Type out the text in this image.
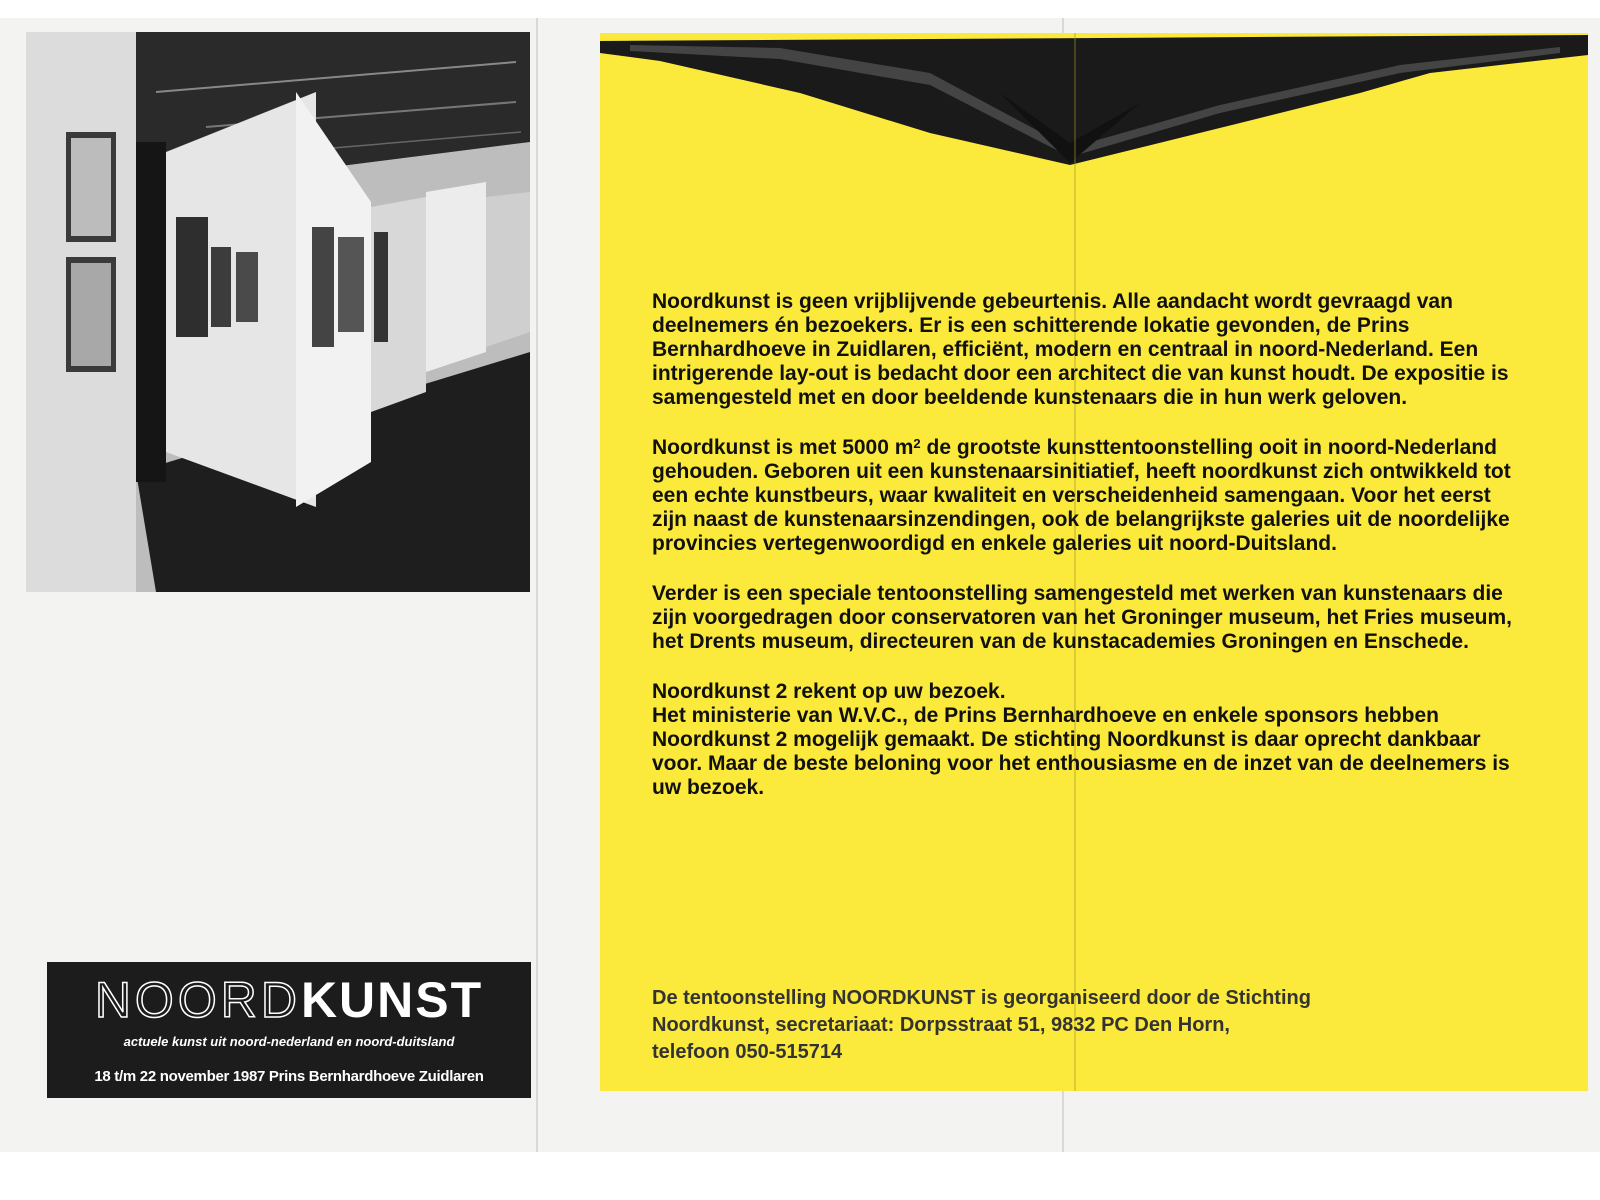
NOORDKUNST
actuele kunst uit noord-nederland en noord-duitsland
18 t/m 22 november 1987 Prins Bernhardhoeve Zuidlaren

Noordkunst is geen vrijblijvende gebeurtenis. Alle aandacht wordt gevraagd van deelnemers én bezoekers. Er is een schitterende lokatie gevonden, de Prins Bernhardhoeve in Zuidlaren, efficiënt, modern en centraal in noord-Nederland. Een intrigerende lay-out is bedacht door een architect die van kunst houdt. De expositie is samengesteld met en door beeldende kunstenaars die in hun werk geloven.

Noordkunst is met 5000 $m^2$ de grootste kunsttentoonstelling ooit in noord-Nederland gehouden. Geboren uit een kunstenaarsinitiatief, heeft noordkunst zich ontwikkeld tot een echte kunstbeurs, waar kwaliteit en verscheidenheid samengaan. Voor het eerst zijn naast de kunstenaarsinzendingen, ook de belangrijkste galeries uit de noordelijke provincies vertegenwoordigd en enkele galeries uit noord-Duitsland.

Verder is een speciale tentoonstelling samengesteld met werken van kunstenaars die zijn voorgedragen door conservatoren van het Groninger museum, het Fries museum, het Drents museum, directeuren van de kunstacademies Groningen en Enschede.

Noordkunst 2 rekent op uw bezoek.
Het ministerie van W.V.C., de Prins Bernhardhoeve en enkele sponsors hebben Noordkunst 2 mogelijk gemaakt. De stichting Noordkunst is daar oprecht dankbaar voor. Maar de beste beloning voor het enthousiasme en de inzet van de deelnemers is uw bezoek.

De tentoonstelling NOORDKUNST is georganiseerd door de Stichting
Noordkunst, secretariaat: Dorpsstraat 51, 9832 PC Den Horn,
telefoon 050-515714
